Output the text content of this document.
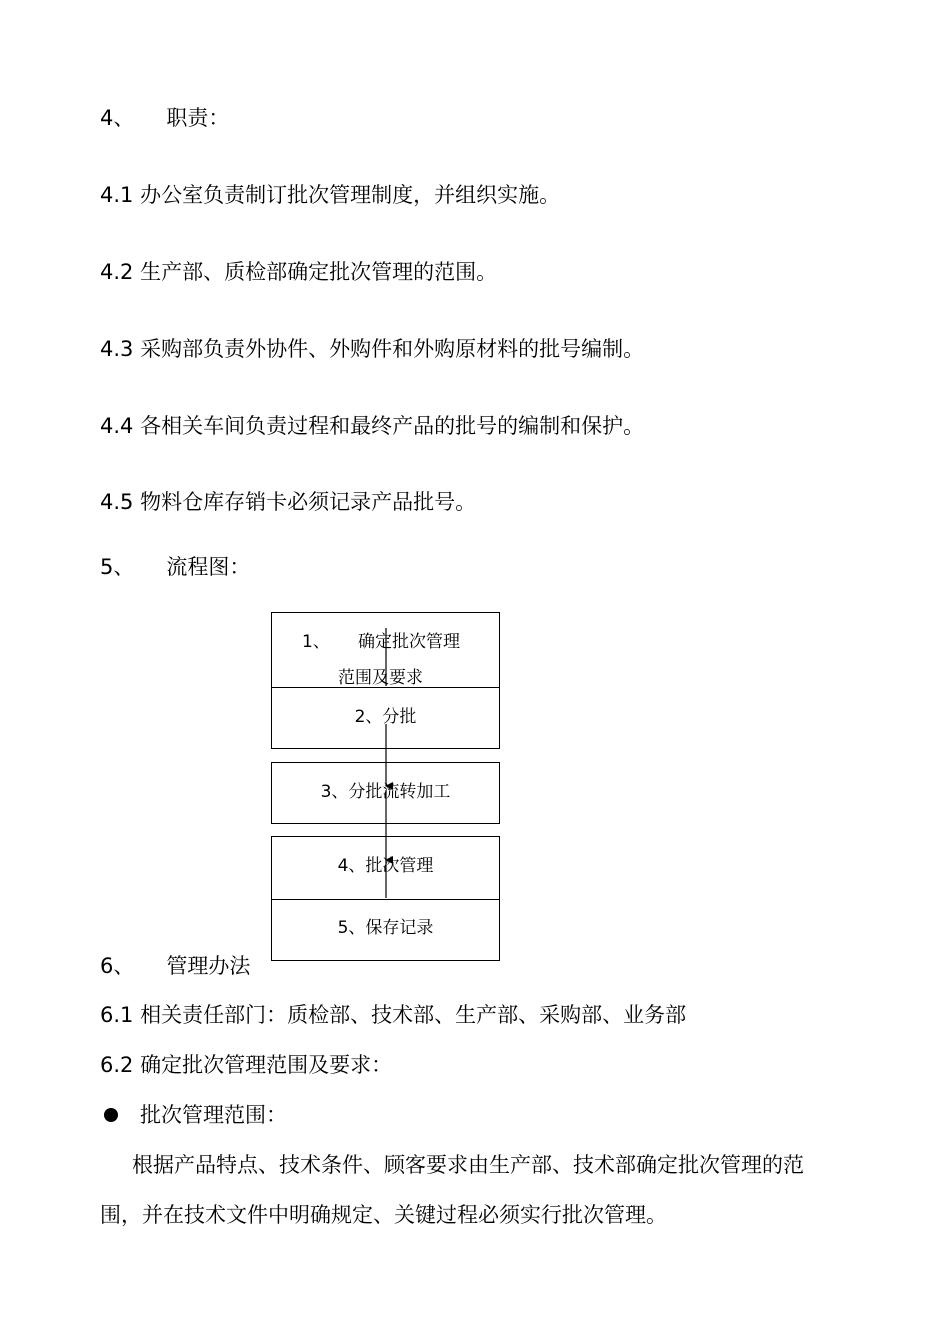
4、 职责：
4.1 办公室负责制订批次管理制度，并组织实施。
4.2 生产部、质检部确定批次管理的范围。
4.3 采购部负责外协件、外购件和外购原材料的批号编制。
4.4 各相关车间负责过程和最终产品的批号的编制和保护。
4.5 物料仓库存销卡必须记录产品批号。
5、 流程图：
1、 确定批次管理
范围及要求
2、分批
3、分批流转加工
4、批次管理
5、保存记录
6、 管理办法
6.1 相关责任部门：质检部、技术部、生产部、采购部、业务部
6.2 确定批次管理范围及要求：
批次管理范围：
根据产品特点、技术条件、顾客要求由生产部、技术部确定批次管理的范
围，并在技术文件中明确规定、关键过程必须实行批次管理。
